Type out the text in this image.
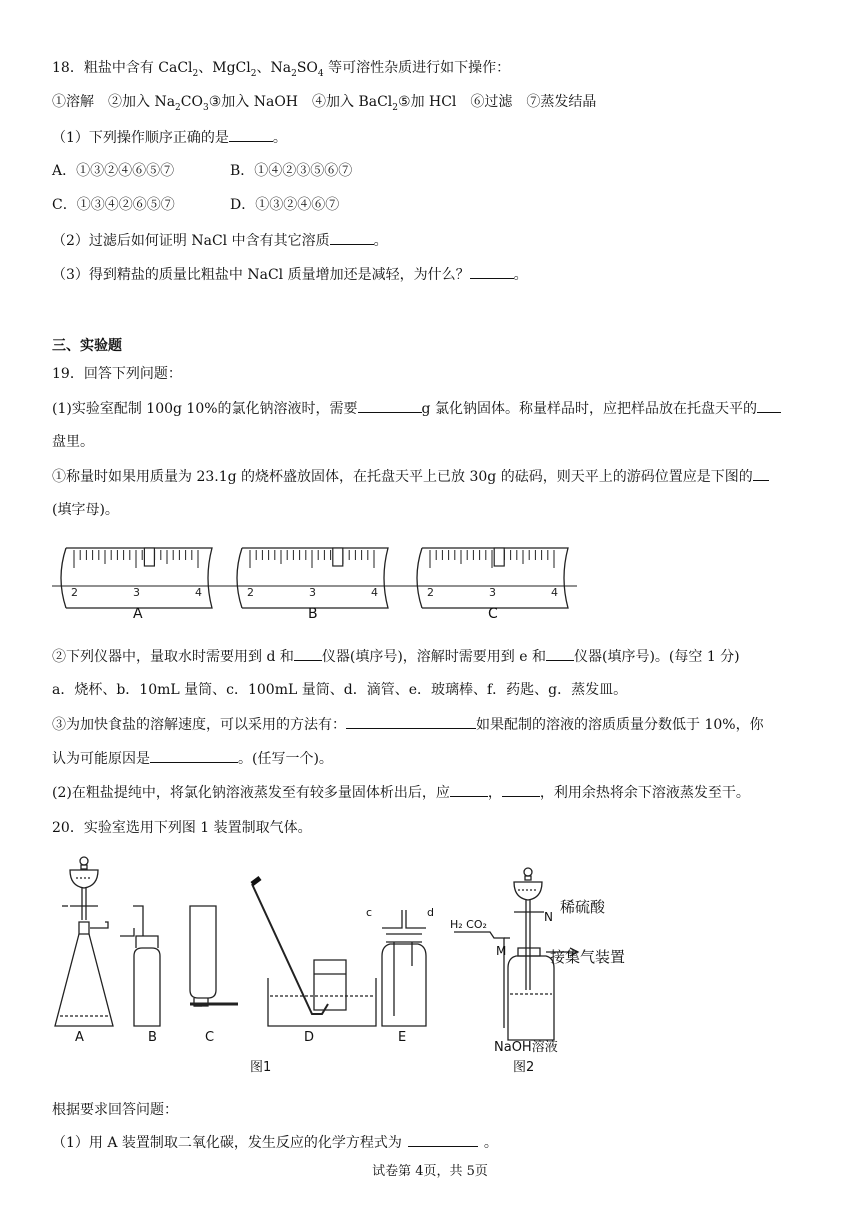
18．粗盐中含有 CaCl$_2$、MgCl$_2$、$Na_2SO_4$ 等可溶性杂质进行如下操作：
①溶解　②加入 $Na_2CO_3③$加入 NaOH　④加入 BaCl$_2$⑤加 HCl　⑥过滤　⑦蒸发结晶
（1）下列操作顺序正确的是	。
A．①③②④⑥⑤⑦	B．①④②③⑤⑥⑦
C．①③④②⑥⑤⑦	D．①③②④⑥⑦
（2）过滤后如何证明 NaCl 中含有其它溶质	。
（3）得到精盐的质量比粗盐中 NaCl 质量增加还是减轻，为什么？	。
三、实验题
19．回答下列问题：
(1)实验室配制 100g 10%的氯化钠溶液时，需要	g 氯化钠固体。称量样品时，应把样品放在托盘天平的
盘里。
①称量时如果用质量为 23.1g 的烧杯盛放固体，在托盘天平上已放 30g 的砝码，则天平上的游码位置应是下图的
(填字母)。
2	3	4	2	3	4	2	3	4
A	B	C
②下列仪器中，量取水时需要用到 d 和 仪器(填序号)，溶解时需要用到 e 和 仪器(填序号)。(每空 1 分)
a．烧杯、b．10mL 量筒、c．100mL 量筒、d．滴管、e．玻璃棒、f．药匙、g．蒸发皿。
③为加快食盐的溶解速度，可以采用的方法有：	如果配制的溶液的溶质质量分数低于 10%，你
认为可能原因是	。(任写一个)。
(2)在粗盐提纯中，将氯化钠溶液蒸发至有较多量固体析出后，应	，	，利用余热将余下溶液蒸发至干。
20．实验室选用下列图 1 装置制取气体。
A	B	C	D	E
图1	图2
c	d	稀硫酸
N
H₂ CO₂
M	接集气装置
NaOH溶液
根据要求回答问题：
（1）用 A 装置制取二氧化碳，发生反应的化学方程式为	。
试卷第 4页，共 5页
